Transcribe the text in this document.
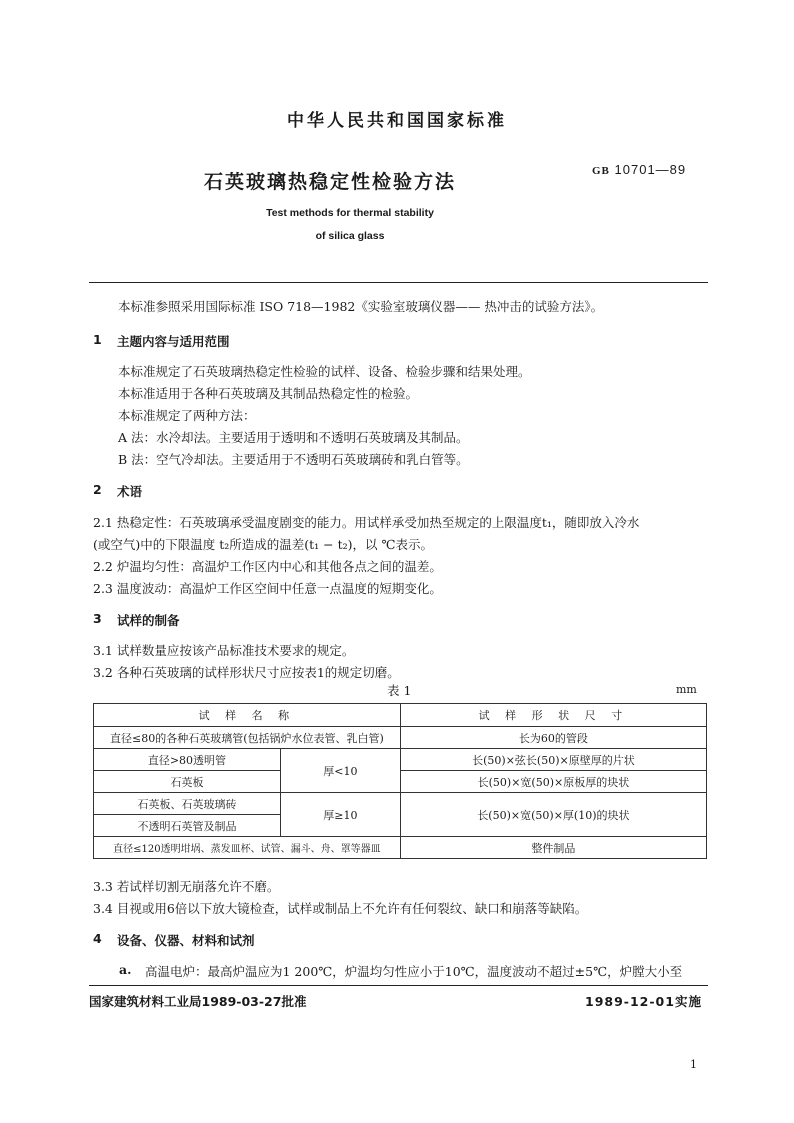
中华人民共和国国家标准
石英玻璃热稳定性检验方法	GB 10701—89
Test methods for thermal stability
of silica glass
本标准参照采用国际标准 ISO 718—1982《实验室玻璃仪器—— 热冲击的试验方法》。
1 主题内容与适用范围
本标准规定了石英玻璃热稳定性检验的试样、设备、检验步骤和结果处理。
本标准适用于各种石英玻璃及其制品热稳定性的检验。
本标准规定了两种方法：
A 法：水冷却法。主要适用于透明和不透明石英玻璃及其制品。
B 法：空气冷却法。主要适用于不透明石英玻璃砖和乳白管等。
2 术语
2.1 热稳定性：石英玻璃承受温度剧变的能力。用试样承受加热至规定的上限温度t₁，随即放入冷水
(或空气)中的下限温度 t₂所造成的温差(t₁ − t₂)，以 ℃表示。
2.2 炉温均匀性：高温炉工作区内中心和其他各点之间的温差。
2.3 温度波动：高温炉工作区空间中任意一点温度的短期变化。
3 试样的制备
3.1 试样数量应按该产品标准技术要求的规定。
3.2 各种石英玻璃的试样形状尺寸应按表1的规定切磨。
表 1	mm
试 样 名 称		试 样 形 状 尺 寸
直径≤80的各种石英玻璃管(包括锅炉水位表管、乳白管)		长为60的管段
直径>80透明管	厚<10	长(50)×弦长(50)×原壁厚的片状
石英板		长(50)×宽(50)×原板厚的块状
石英板、石英玻璃砖	厚≥10	长(50)×宽(50)×厚(10)的块状
不透明石英管及制品		
直径≤120透明坩埚、蒸发皿杯、试管、漏斗、舟、罩等器皿		整件制品
3.3 若试样切割无崩落允许不磨。
3.4 目视或用6倍以下放大镜检查，试样或制品上不允许有任何裂纹、缺口和崩落等缺陷。
4 设备、仪器、材料和试剂
a. 高温电炉：最高炉温应为1 200℃，炉温均匀性应小于10℃，温度波动不超过±5℃，炉膛大小至
国家建筑材料工业局1989-03-27批准	1989-12-01实施
1
